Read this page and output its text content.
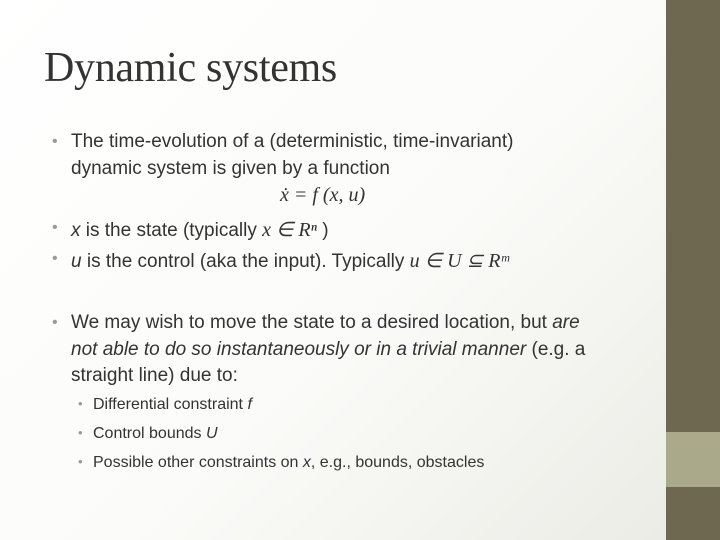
Dynamic systems
• The time-evolution of a (deterministic, time-invariant)
dynamic system is given by a function
ẋ = f (x, u)
• x is the state (typically x ∈ Rⁿ )
• u is the control (aka the input). Typically u ∈ U ⊆ Rᵐ
• We may wish to move the state to a desired location, but are
not able to do so instantaneously or in a trivial manner (e.g. a
straight line) due to:
• Differential constraint f
• Control bounds U
• Possible other constraints on x, e.g., bounds, obstacles
